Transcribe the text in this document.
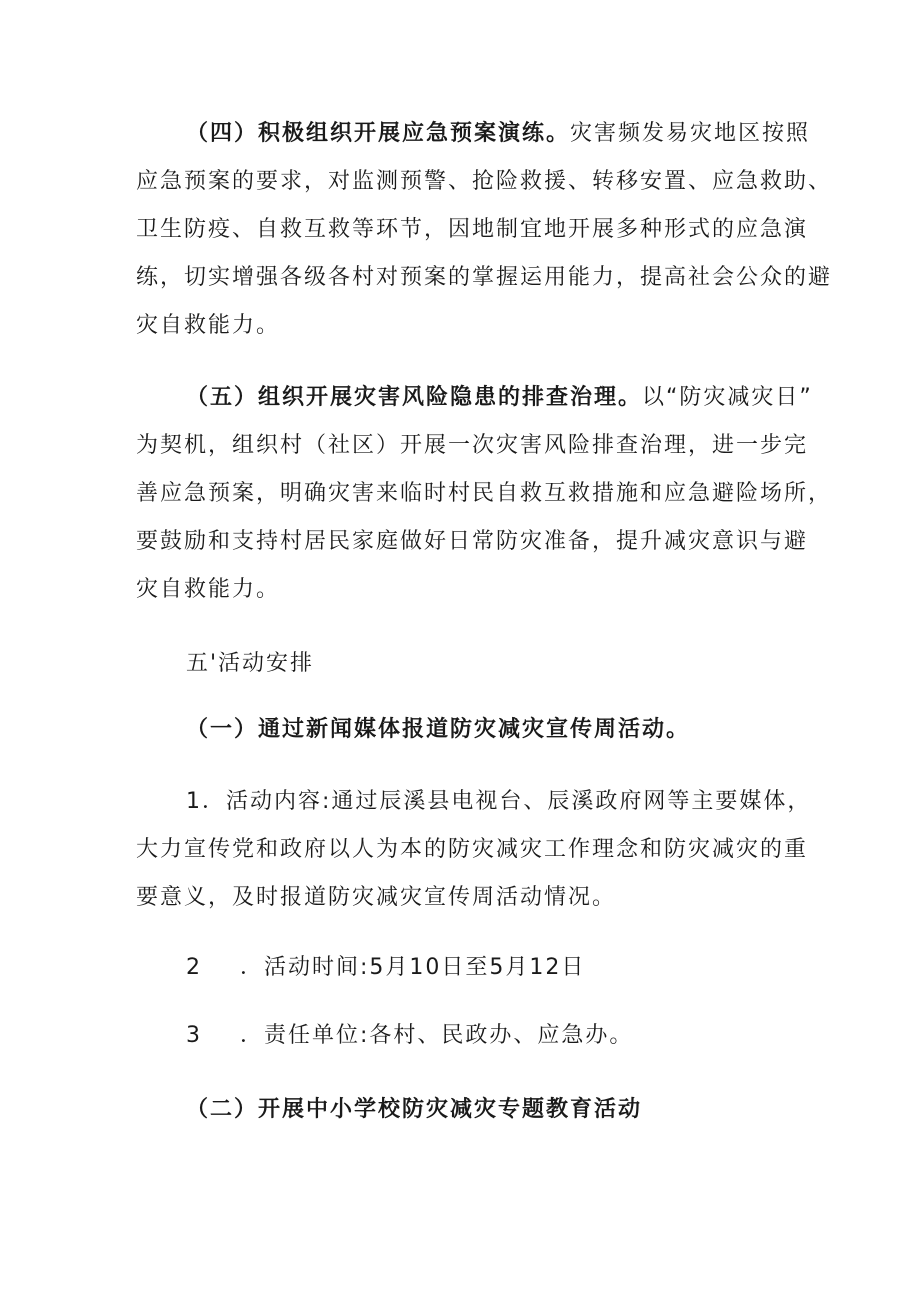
（四）积极组织开展应急预案演练。灾害频发易灾地区按照
应急预案的要求，对监测预警、抢险救援、转移安置、应急救助、
卫生防疫、自救互救等环节，因地制宜地开展多种形式的应急演
练，切实增强各级各村对预案的掌握运用能力，提高社会公众的避
灾自救能力。
（五）组织开展灾害风险隐患的排查治理。以“防灾减灾日”
为契机，组织村（社区）开展一次灾害风险排查治理，进一步完
善应急预案，明确灾害来临时村民自救互救措施和应急避险场所，
要鼓励和支持村居民家庭做好日常防灾准备，提升减灾意识与避
灾自救能力。
五'活动安排
（一）通过新闻媒体报道防灾减灾宣传周活动。
1．活动内容:通过辰溪县电视台、辰溪政府网等主要媒体，
大力宣传党和政府以人为本的防灾减灾工作理念和防灾减灾的重
要意义，及时报道防灾减灾宣传周活动情况。
2 ．活动时间:5月10日至5月12日
3 ．责任单位:各村、民政办、应急办。
（二）开展中小学校防灾减灾专题教育活动
